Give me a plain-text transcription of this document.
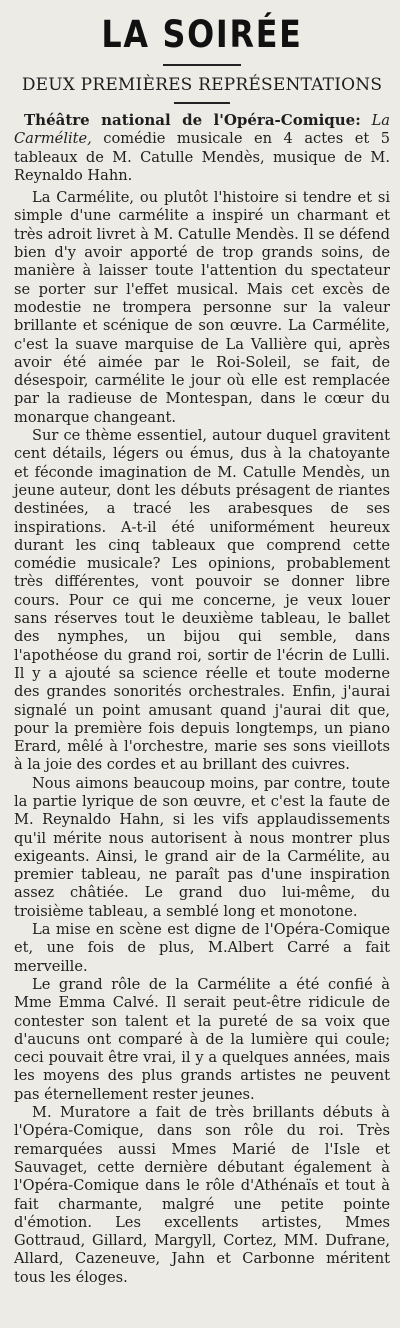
LA SOIRÉE
DEUX PREMIÈRES REPRÉSENTATIONS

Théâtre national de l'Opéra-Comique: La Carmélite, comédie musicale en 4 actes et 5 tableaux de M. Catulle Mendès, musique de M. Reynaldo Hahn.

La Carmélite, ou plutôt l'histoire si tendre et si simple d'une carmélite a inspiré un charmant et très adroit livret à M. Catulle Mendès. Il se défend bien d'y avoir apporté de trop grands soins, de manière à laisser toute l'attention du spectateur se porter sur l'effet musical. Mais cet excès de modestie ne trompera personne sur la valeur brillante et scénique de son œuvre. La Carmélite, c'est la suave marquise de La Vallière qui, après avoir été aimée par le Roi-Soleil, se fait, de désespoir, carmélite le jour où elle est remplacée par la radieuse de Montespan, dans le cœur du monarque changeant.

Sur ce thème essentiel, autour duquel gravitent cent détails, légers ou émus, dus à la chatoyante et féconde imagination de M. Catulle Mendès, un jeune auteur, dont les débuts présagent de riantes destinées, a tracé les arabesques de ses inspirations. A-t-il été uniformément heureux durant les cinq tableaux que comprend cette comédie musicale? Les opinions, probablement très différentes, vont pouvoir se donner libre cours. Pour ce qui me concerne, je veux louer sans réserves tout le deuxième tableau, le ballet des nymphes, un bijou qui semble, dans l'apothéose du grand roi, sortir de l'écrin de Lulli. Il y a ajouté sa science réelle et toute moderne des grandes sonorités orchestrales. Enfin, j'aurai signalé un point amusant quand j'aurai dit que, pour la première fois depuis longtemps, un piano Erard, mêlé à l'orchestre, marie ses sons vieillots à la joie des cordes et au brillant des cuivres.

Nous aimons beaucoup moins, par contre, toute la partie lyrique de son œuvre, et c'est la faute de M. Reynaldo Hahn, si les vifs applaudissements qu'il mérite nous autorisent à nous montrer plus exigeants. Ainsi, le grand air de la Carmélite, au premier tableau, ne paraît pas d'une inspiration assez châtiée. Le grand duo lui-même, du troisième tableau, a semblé long et monotone.

La mise en scène est digne de l'Opéra-Comique et, une fois de plus, M.Albert Carré a fait merveille.

Le grand rôle de la Carmélite a été confié à Mme Emma Calvé. Il serait peut-être ridicule de contester son talent et la pureté de sa voix que d'aucuns ont comparé à de la lumière qui coule; ceci pouvait être vrai, il y a quelques années, mais les moyens des plus grands artistes ne peuvent pas éternellement rester jeunes.

M. Muratore a fait de très brillants débuts à l'Opéra-Comique, dans son rôle du roi. Très remarquées aussi Mmes Marié de l'Isle et Sauvaget, cette dernière débutant également à l'Opéra-Comique dans le rôle d'Athénaïs et tout à fait charmante, malgré une petite pointe d'émotion. Les excellents artistes, Mmes Gottraud, Gillard, Margyll, Cortez, MM. Dufrane, Allard, Cazeneuve, Jahn et Carbonne méritent tous les éloges.
